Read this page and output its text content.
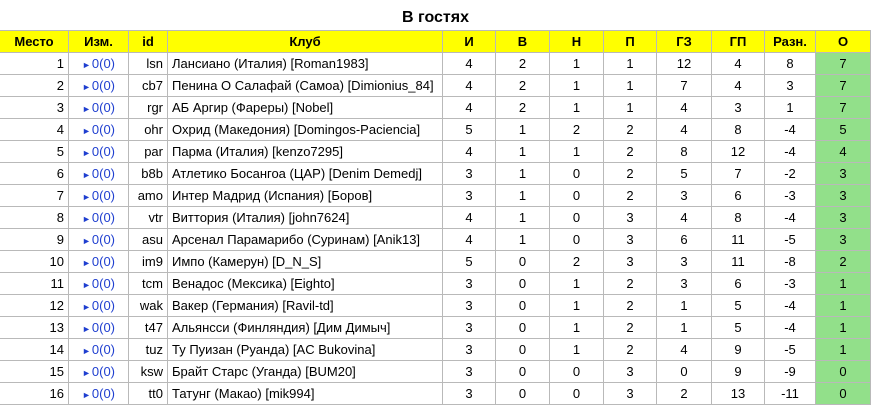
В гостях
Место	Изм.	id	Клуб	И	В	Н	П	ГЗ	ГП	Разн.	О
1	►0(0)	lsn	Лансиано (Италия) [Roman1983]	4	2	1	1	12	4	8	7
2	►0(0)	cb7	Пенина О Салафай (Самоа) [Dimionius_84]	4	2	1	1	7	4	3	7
3	►0(0)	rgr	АБ Аргир (Фареры) [Nobel]	4	2	1	1	4	3	1	7
4	►0(0)	ohr	Охрид (Македония) [Domingos-Paciencia]	5	1	2	2	4	8	-4	5
5	►0(0)	par	Парма (Италия) [kenzo7295]	4	1	1	2	8	12	-4	4
6	►0(0)	b8b	Атлетико Босангоа (ЦАР) [Denim Demedj]	3	1	0	2	5	7	-2	3
7	►0(0)	amo	Интер Мадрид (Испания) [Боров]	3	1	0	2	3	6	-3	3
8	►0(0)	vtr	Виттория (Италия) [john7624]	4	1	0	3	4	8	-4	3
9	►0(0)	asu	Арсенал Парамарибо (Суринам) [Anik13]	4	1	0	3	6	11	-5	3
10	►0(0)	im9	Импо (Камерун) [D_N_S]	5	0	2	3	3	11	-8	2
11	►0(0)	tcm	Венадос (Мексика) [Eighto]	3	0	1	2	3	6	-3	1
12	►0(0)	wak	Вакер (Германия) [Ravil-td]	3	0	1	2	1	5	-4	1
13	►0(0)	t47	Альянсси (Финляндия) [Дим Димыч]	3	0	1	2	1	5	-4	1
14	►0(0)	tuz	Ту Пуизан (Руанда) [AC Bukovina]	3	0	1	2	4	9	-5	1
15	►0(0)	ksw	Брайт Старс (Уганда) [BUM20]	3	0	0	3	0	9	-9	0
16	►0(0)	tt0	Татунг (Макао) [mik994]	3	0	0	3	2	13	-11	0
